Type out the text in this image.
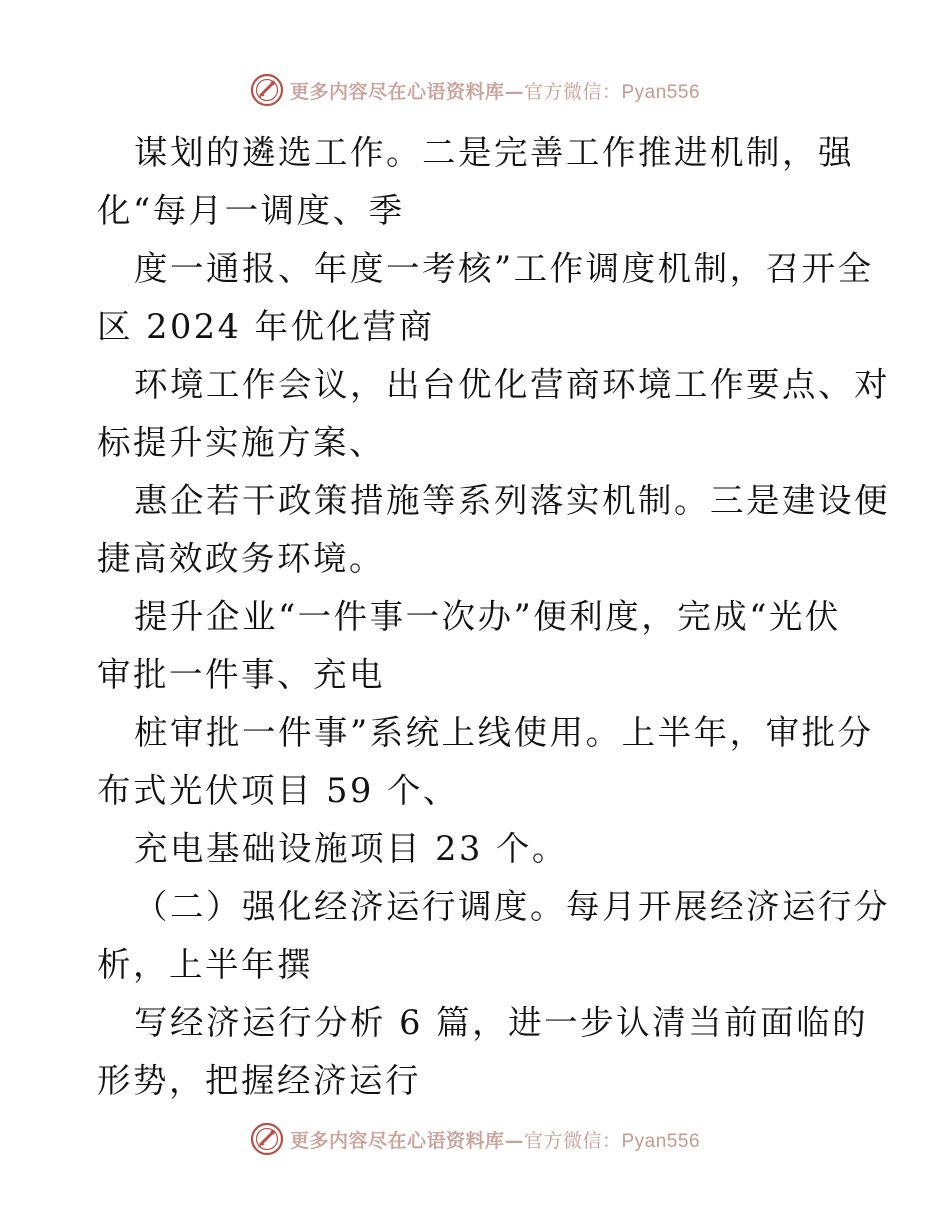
更多内容尽在心语资料库—官方微信：Pyan556
谋划的遴选工作。二是完善工作推进机制，强
化“每月一调度、季
度一通报、年度一考核”工作调度机制，召开全
区 2024 年优化营商
环境工作会议，出台优化营商环境工作要点、对
标提升实施方案、
惠企若干政策措施等系列落实机制。三是建设便
捷高效政务环境。
提升企业“一件事一次办”便利度，完成“光伏
审批一件事、充电
桩审批一件事”系统上线使用。上半年，审批分
布式光伏项目 59 个、
充电基础设施项目 23 个。
（二）强化经济运行调度。每月开展经济运行分
析，上半年撰
写经济运行分析 6 篇，进一步认清当前面临的
形势，把握经济运行
更多内容尽在心语资料库—官方微信：Pyan556
